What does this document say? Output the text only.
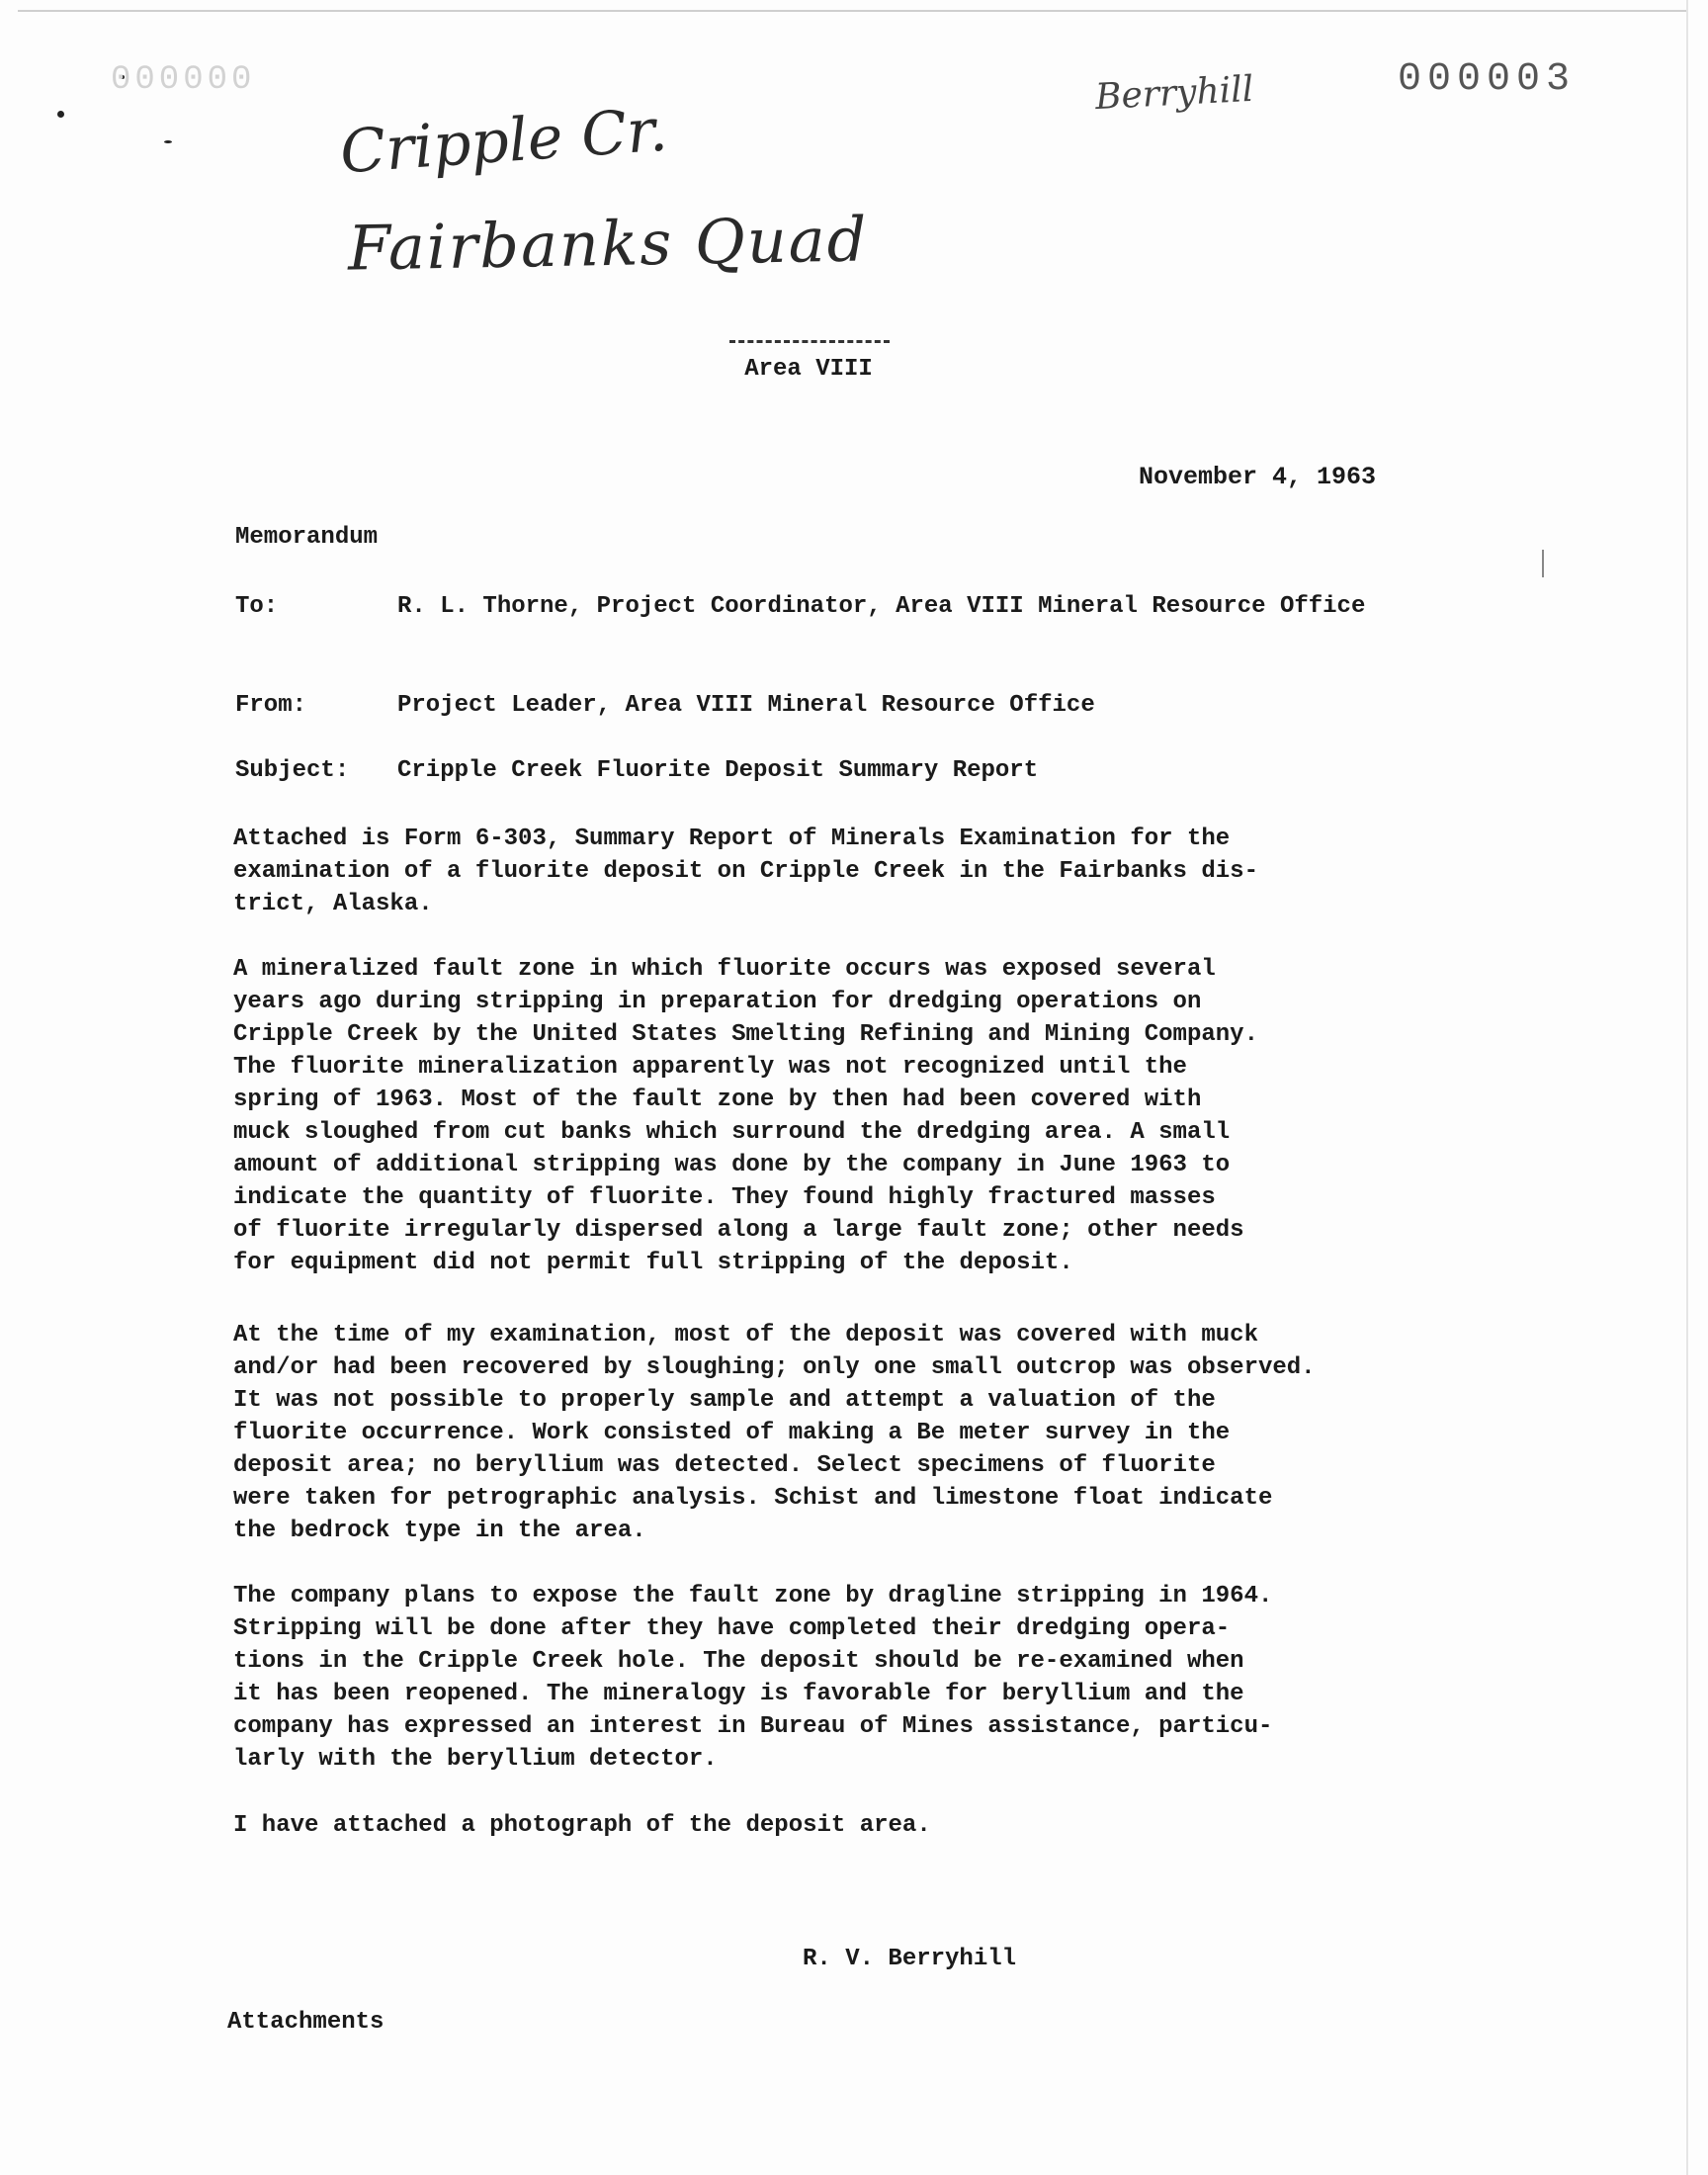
000000	000003
Berryhill
Cripple Cr.
Fairbanks Quad
Area VIII
November 4, 1963
Memorandum
To:	R. L. Thorne, Project Coordinator, Area VIII Mineral Resource Office
From:	Project Leader, Area VIII Mineral Resource Office
Subject:	Cripple Creek Fluorite Deposit Summary Report
Attached is Form 6-303, Summary Report of Minerals Examination for the
examination of a fluorite deposit on Cripple Creek in the Fairbanks dis-
trict, Alaska.
A mineralized fault zone in which fluorite occurs was exposed several
years ago during stripping in preparation for dredging operations on
Cripple Creek by the United States Smelting Refining and Mining Company.
The fluorite mineralization apparently was not recognized until the
spring of 1963. Most of the fault zone by then had been covered with
muck sloughed from cut banks which surround the dredging area. A small
amount of additional stripping was done by the company in June 1963 to
indicate the quantity of fluorite. They found highly fractured masses
of fluorite irregularly dispersed along a large fault zone; other needs
for equipment did not permit full stripping of the deposit.
At the time of my examination, most of the deposit was covered with muck
and/or had been recovered by sloughing; only one small outcrop was observed.
It was not possible to properly sample and attempt a valuation of the
fluorite occurrence. Work consisted of making a Be meter survey in the
deposit area; no beryllium was detected. Select specimens of fluorite
were taken for petrographic analysis. Schist and limestone float indicate
the bedrock type in the area.
The company plans to expose the fault zone by dragline stripping in 1964.
Stripping will be done after they have completed their dredging opera-
tions in the Cripple Creek hole. The deposit should be re-examined when
it has been reopened. The mineralogy is favorable for beryllium and the
company has expressed an interest in Bureau of Mines assistance, particu-
larly with the beryllium detector.
I have attached a photograph of the deposit area.
R. V. Berryhill
Attachments
